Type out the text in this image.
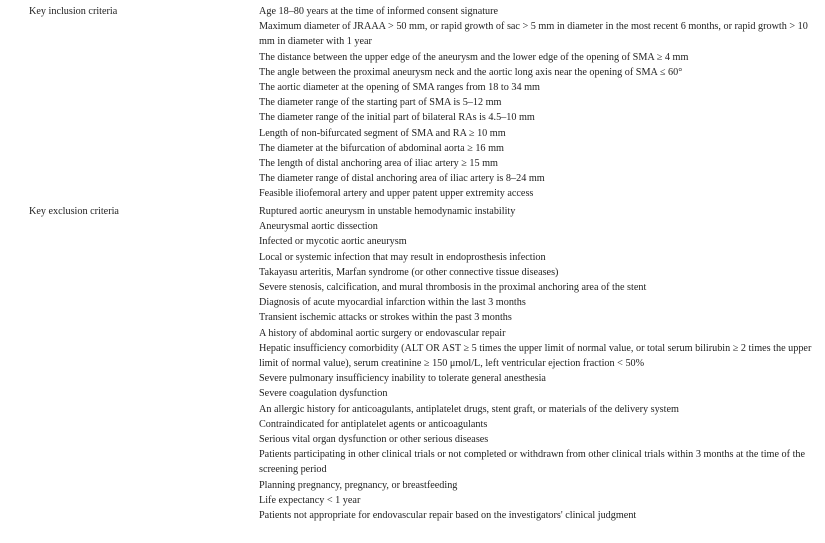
Key inclusion criteria	Age 18–80 years at the time of informed consent signature
Maximum diameter of JRAAA > 50 mm, or rapid growth of sac > 5 mm in diameter in the most recent 6 months, or rapid growth > 10 mm in diameter with 1 year
The distance between the upper edge of the aneurysm and the lower edge of the opening of SMA ≥ 4 mm
The angle between the proximal aneurysm neck and the aortic long axis near the opening of SMA ≤ 60°
The aortic diameter at the opening of SMA ranges from 18 to 34 mm
The diameter range of the starting part of SMA is 5–12 mm
The diameter range of the initial part of bilateral RAs is 4.5–10 mm
Length of non-bifurcated segment of SMA and RA ≥ 10 mm
The diameter at the bifurcation of abdominal aorta ≥ 16 mm
The length of distal anchoring area of iliac artery ≥ 15 mm
The diameter range of distal anchoring area of iliac artery is 8–24 mm
Feasible iliofemoral artery and upper patent upper extremity access
Key exclusion criteria	Ruptured aortic aneurysm in unstable hemodynamic instability
Aneurysmal aortic dissection
Infected or mycotic aortic aneurysm
Local or systemic infection that may result in endoprosthesis infection
Takayasu arteritis, Marfan syndrome (or other connective tissue diseases)
Severe stenosis, calcification, and mural thrombosis in the proximal anchoring area of the stent
Diagnosis of acute myocardial infarction within the last 3 months
Transient ischemic attacks or strokes within the past 3 months
A history of abdominal aortic surgery or endovascular repair
Hepatic insufficiency comorbidity (ALT OR AST ≥ 5 times the upper limit of normal value, or total serum bilirubin ≥ 2 times the upper limit of normal value), serum creatinine ≥ 150 μmol/L, left ventricular ejection fraction < 50%
Severe pulmonary insufficiency inability to tolerate general anesthesia
Severe coagulation dysfunction
An allergic history for anticoagulants, antiplatelet drugs, stent graft, or materials of the delivery system
Contraindicated for antiplatelet agents or anticoagulants
Serious vital organ dysfunction or other serious diseases
Patients participating in other clinical trials or not completed or withdrawn from other clinical trials within 3 months at the time of the screening period
Planning pregnancy, pregnancy, or breastfeeding
Life expectancy < 1 year
Patients not appropriate for endovascular repair based on the investigators' clinical judgment
